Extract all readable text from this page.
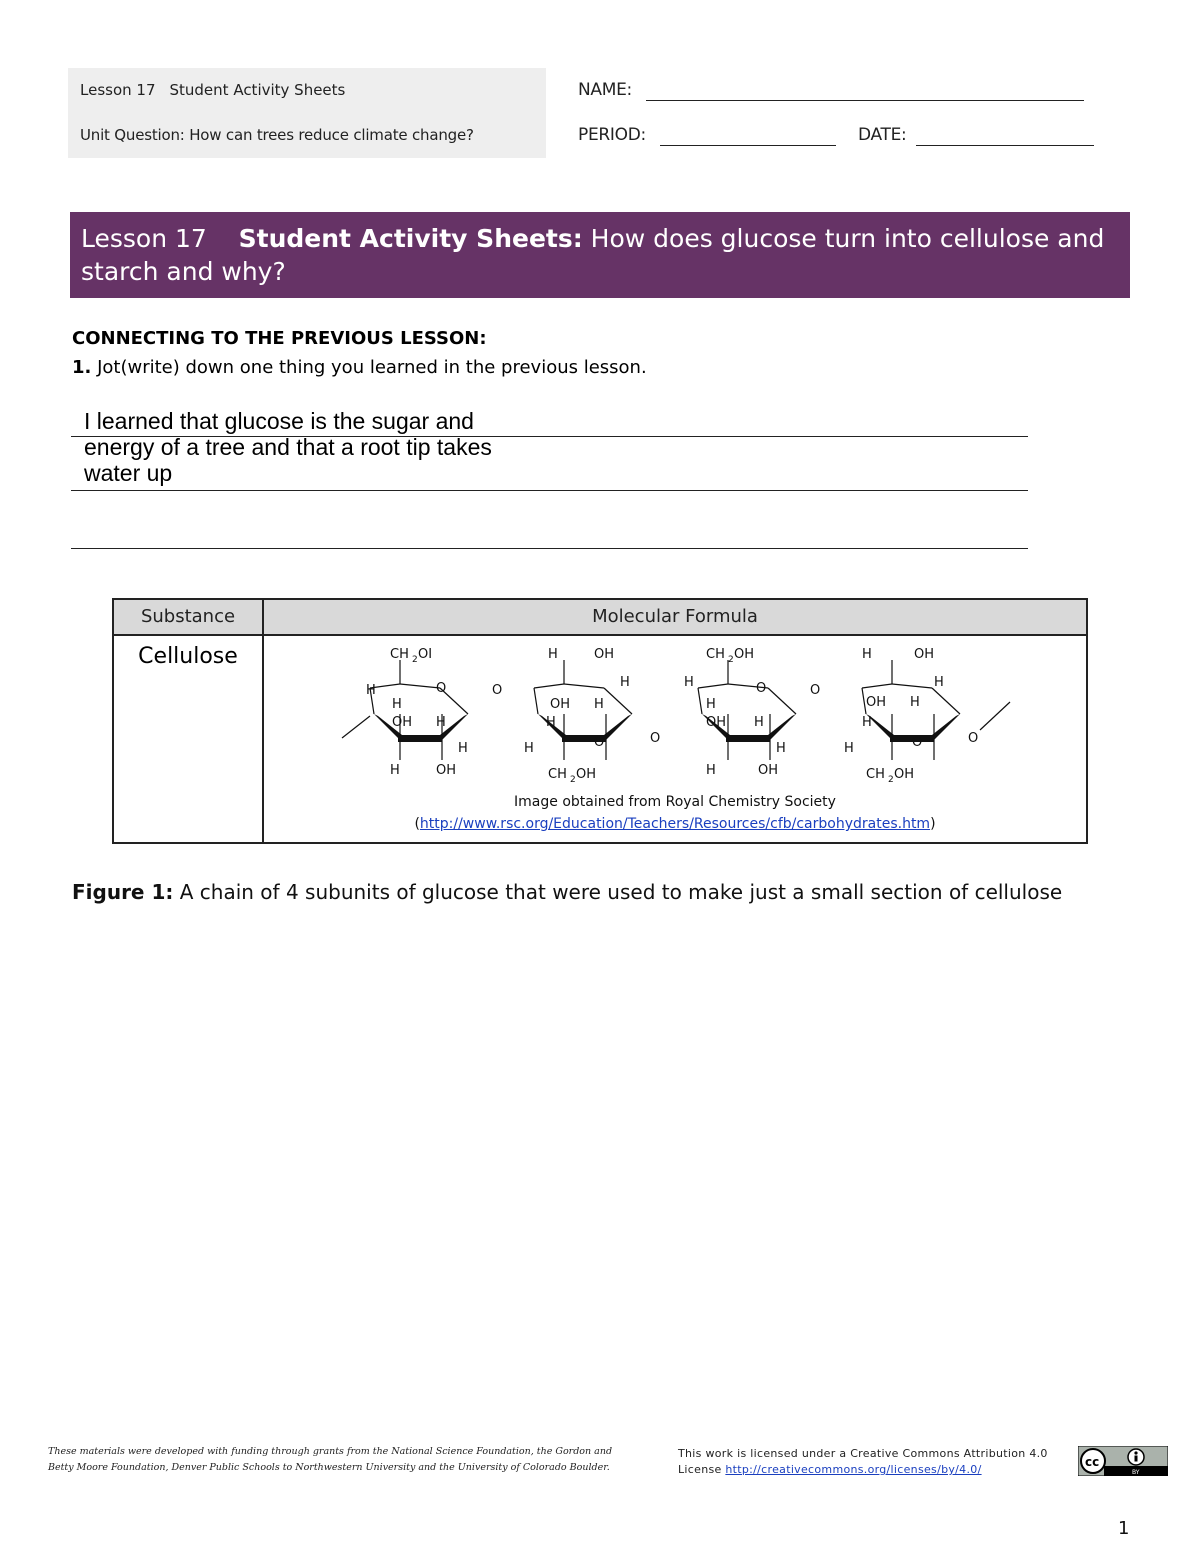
Lesson 17 Student Activity Sheets
Unit Question: How can trees reduce climate change?
NAME:
PERIOD:	DATE:
Lesson 17 Student Activity Sheets: How does glucose turn into cellulose and starch and why?
CONNECTING TO THE PREVIOUS LESSON:
1. Jot(write) down one thing you learned in the previous lesson.
I learned that glucose is the sugar and energy of a tree and that a root tip takes water up
Substance	Molecular Formula
Cellulose	CH 2 OI
H
H
OH H
O
H
H	OH
O
H	OH
H
OH H
H
H	O
CH 2 OH
O
CH 2 OH
H
H
OH H
O
H
H	OH
O
H	OH
H
OH H
H
H	O
CH 2 OH
O
Image obtained from Royal Chemistry Society
(http://www.rsc.org/Education/Teachers/Resources/cfb/carbohydrates.htm)
Figure 1: A chain of 4 subunits of glucose that were used to make just a small section of cellulose
These materials were developed with funding through grants from the National Science Foundation, the Gordon and Betty Moore Foundation, Denver Public Schools to Northwestern University and the University of Colorado Boulder.
This work is licensed under a Creative Commons Attribution 4.0 License http://creativecommons.org/licenses/by/4.0/
cc
BY
1
